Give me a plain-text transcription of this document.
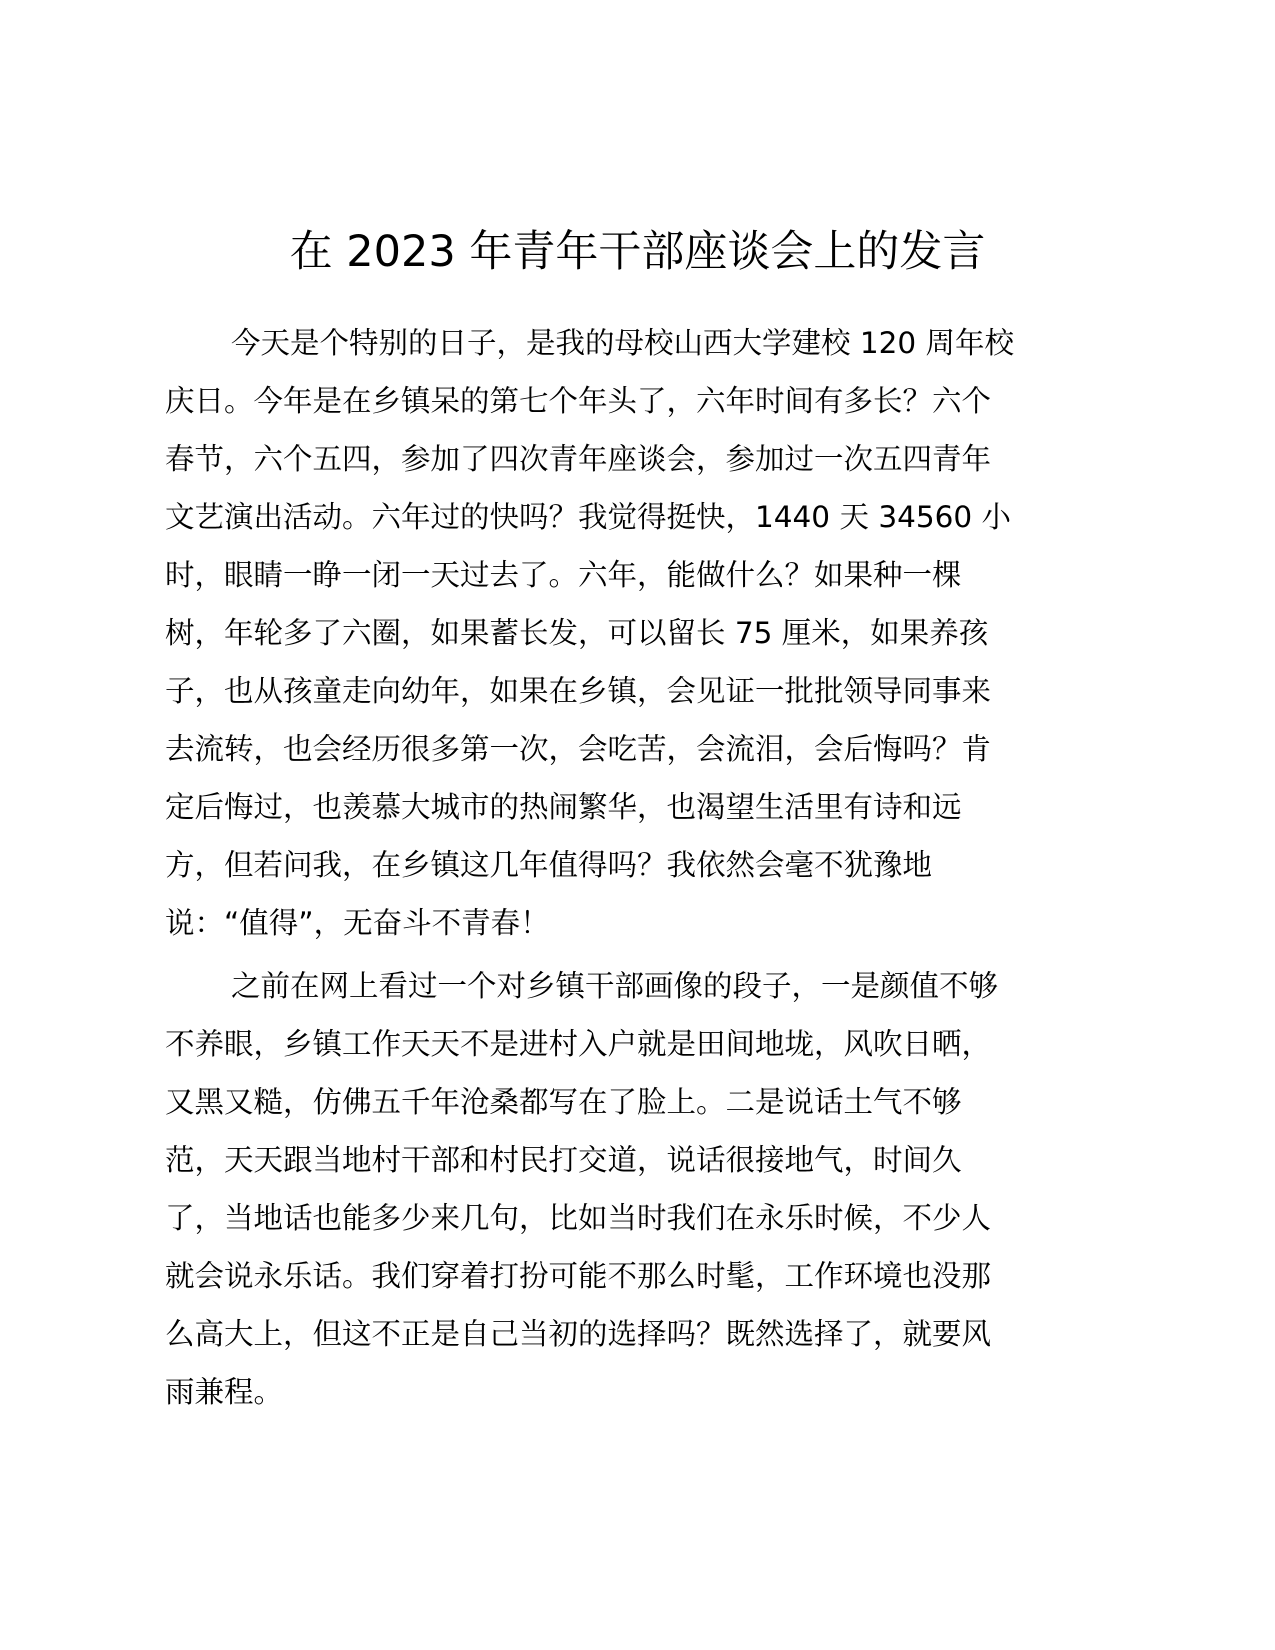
在 2023 年青年干部座谈会上的发言
今天是个特别的日子，是我的母校山西大学建校 120 周年校
庆日。今年是在乡镇呆的第七个年头了，六年时间有多长？六个
春节，六个五四，参加了四次青年座谈会，参加过一次五四青年
文艺演出活动。六年过的快吗？我觉得挺快，1440 天 34560 小
时，眼睛一睁一闭一天过去了。六年，能做什么？如果种一棵
树，年轮多了六圈，如果蓄长发，可以留长 75 厘米，如果养孩
子，也从孩童走向幼年，如果在乡镇，会见证一批批领导同事来
去流转，也会经历很多第一次，会吃苦，会流泪，会后悔吗？肯
定后悔过，也羡慕大城市的热闹繁华，也渴望生活里有诗和远
方，但若问我，在乡镇这几年值得吗？我依然会毫不犹豫地
说：“值得”，无奋斗不青春！
之前在网上看过一个对乡镇干部画像的段子，一是颜值不够
不养眼，乡镇工作天天不是进村入户就是田间地垅，风吹日晒，
又黑又糙，仿佛五千年沧桑都写在了脸上。二是说话土气不够
范，天天跟当地村干部和村民打交道，说话很接地气，时间久
了，当地话也能多少来几句，比如当时我们在永乐时候，不少人
就会说永乐话。我们穿着打扮可能不那么时髦，工作环境也没那
么高大上，但这不正是自己当初的选择吗？既然选择了，就要风
雨兼程。
